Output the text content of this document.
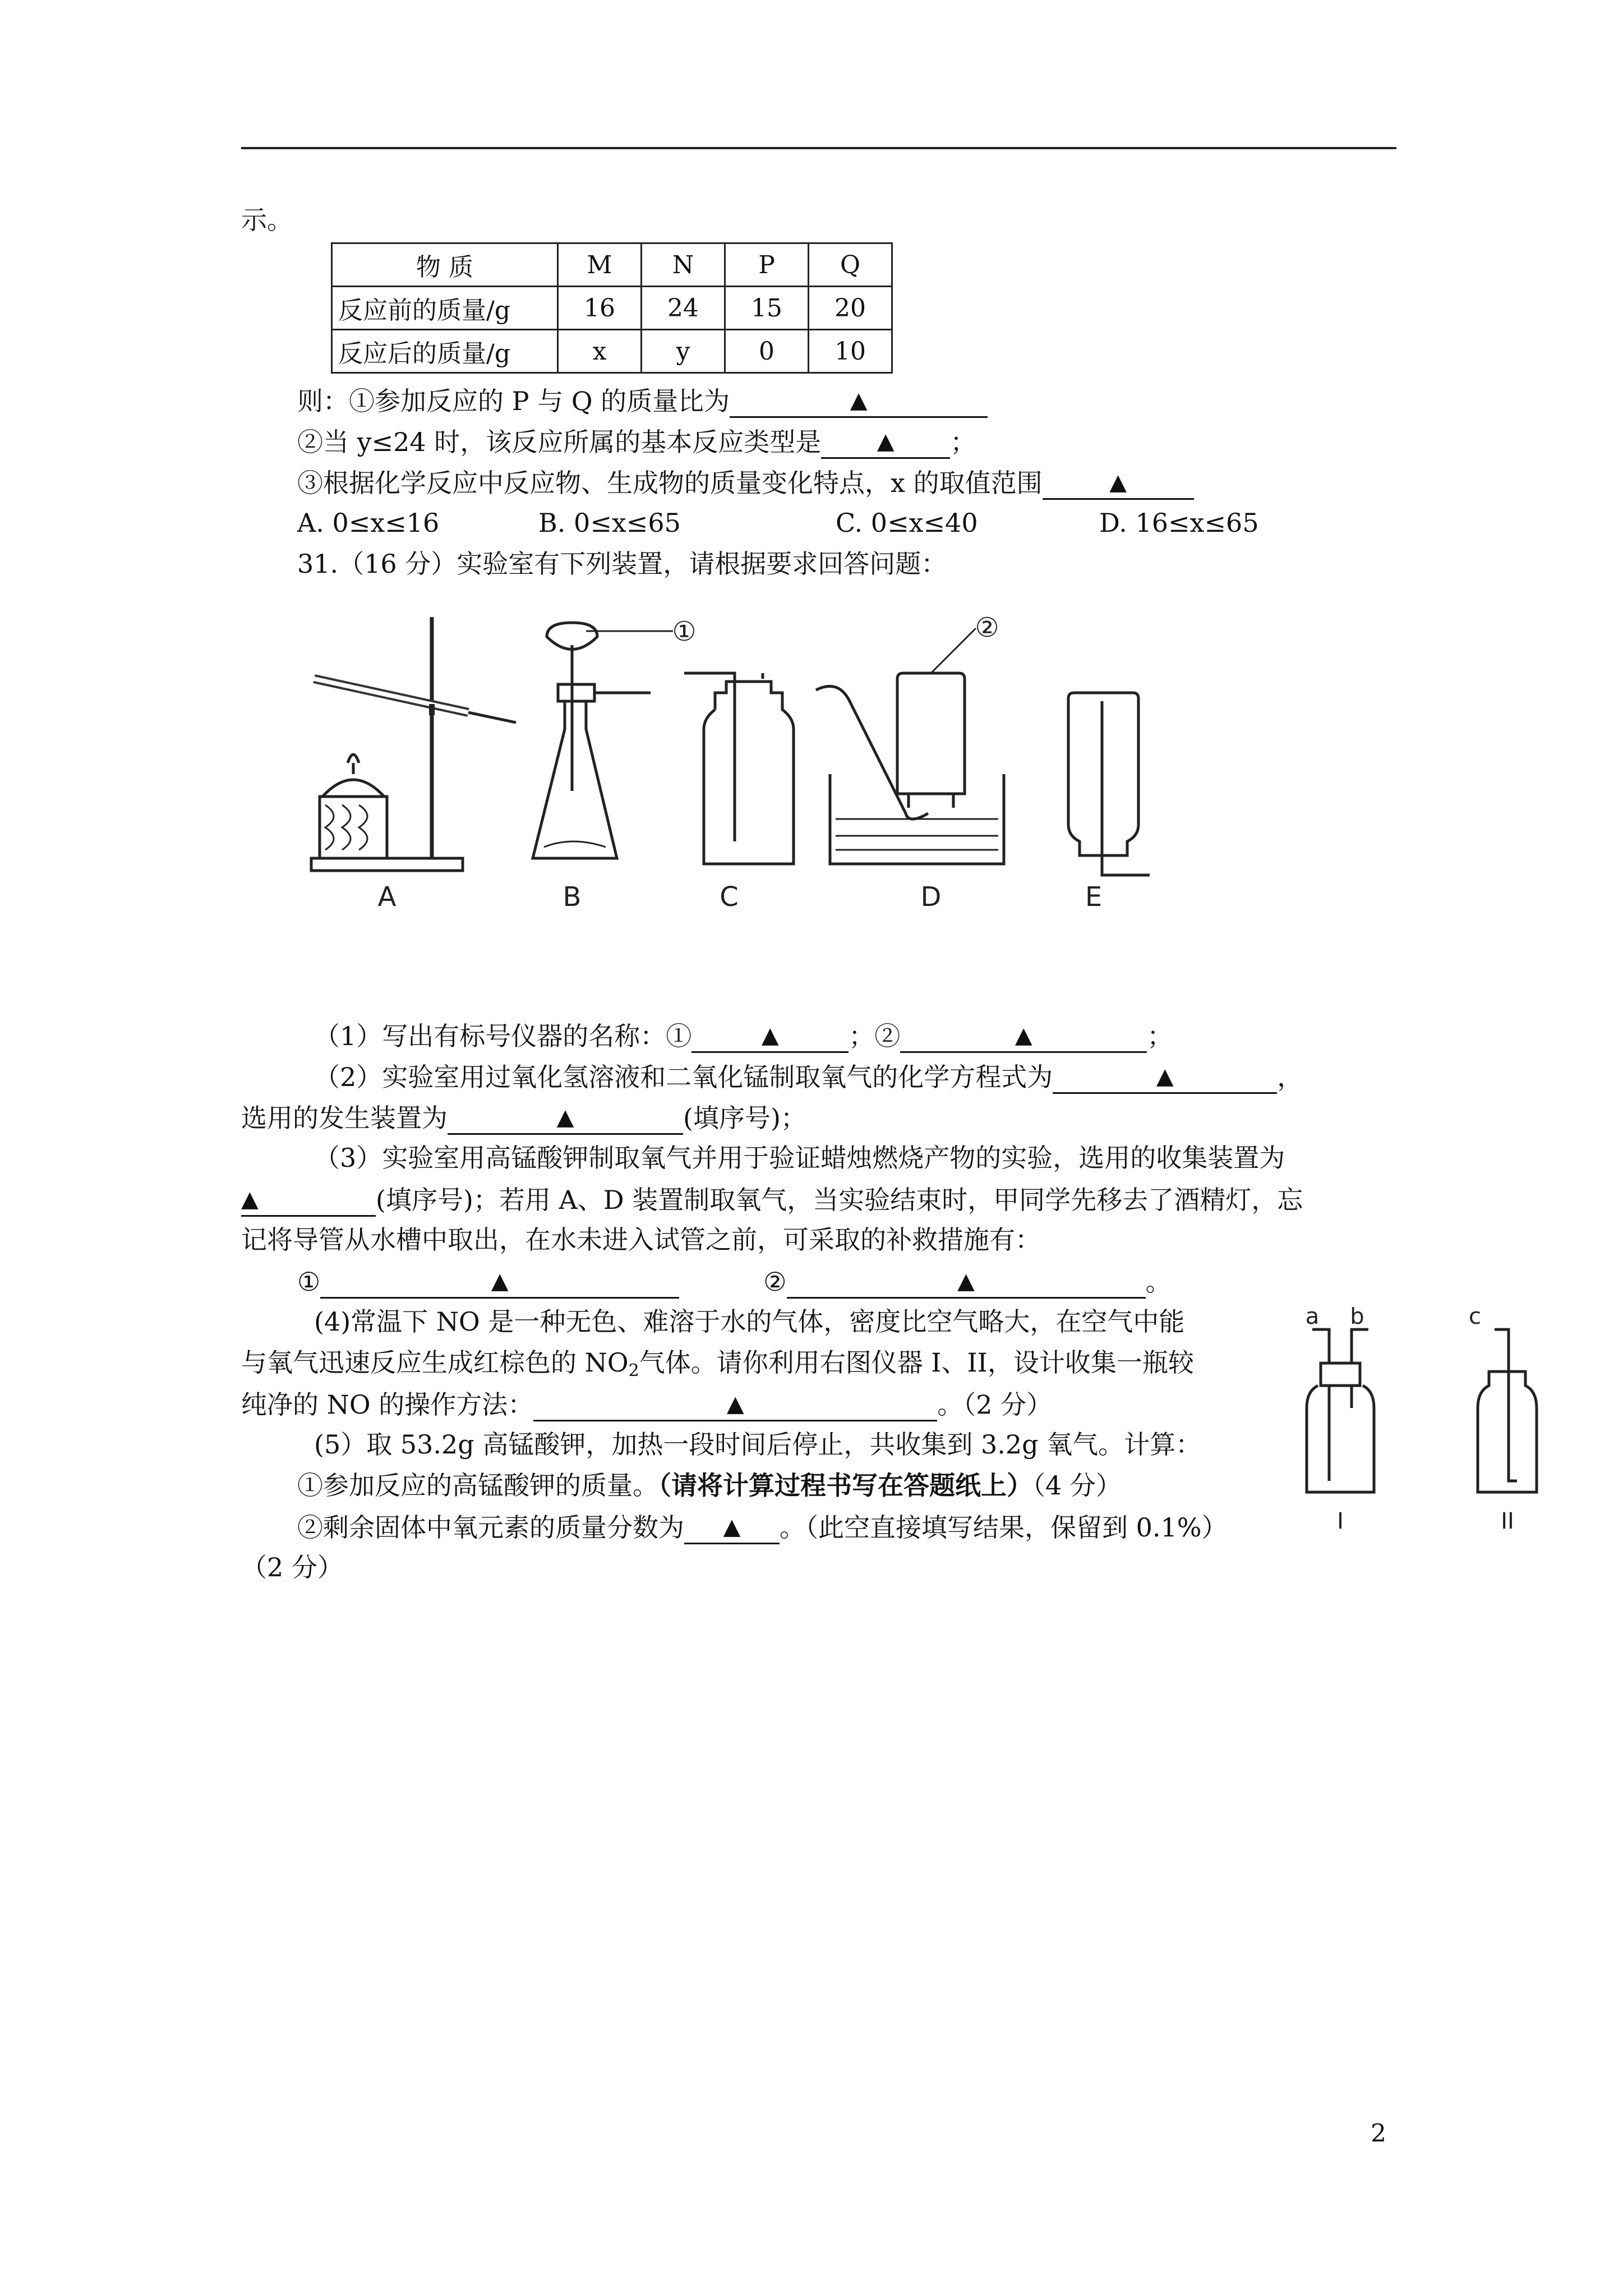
示。
物 质	M	N	P	Q
反应前的质量/g	16	24	15	20
反应后的质量/g	x	y	0	10
则：①参加反应的 P 与 Q 的质量比为	▲
②当 y≤24 时，该反应所属的基本反应类型是 ▲ ；
③根据化学反应中反应物、生成物的质量变化特点，x 的取值范围	▲
A. 0≤x≤16	B. 0≤x≤65	C. 0≤x≤40	D. 16≤x≤65
31.（16 分）实验室有下列装置，请根据要求回答问题：
A	B	C	D	E
①	②
（1）写出有标号仪器的名称：①	▲	；②	▲	；
（2）实验室用过氧化氢溶液和二氧化锰制取氧气的化学方程式为	▲	，
选用的发生装置为	▲	(填序号)；
（3）实验室用高锰酸钾制取氧气并用于验证蜡烛燃烧产物的实验，选用的收集装置为
▲	(填序号)；若用 A、D 装置制取氧气，当实验结束时，甲同学先移去了酒精灯，忘
记将导管从水槽中取出，在水未进入试管之前，可采取的补救措施有：
①	▲	②	▲	。
(4)常温下 NO 是一种无色、难溶于水的气体，密度比空气略大，在空气中能
与氧气迅速反应生成红棕色的 $NO_2$气体。请你利用右图仪器 I、II，设计收集一瓶较
纯净的 NO 的操作方法：	▲	。（2 分）
(5）取 53.2g 高锰酸钾，加热一段时间后停止，共收集到 3.2g 氧气。计算：
①参加反应的高锰酸钾的质量。（请将计算过程书写在答题纸上）（4 分）
②剩余固体中氧元素的质量分数为 ▲ 。（此空直接填写结果，保留到 0.1%）
（2 分）
a b	c
I	II
2
